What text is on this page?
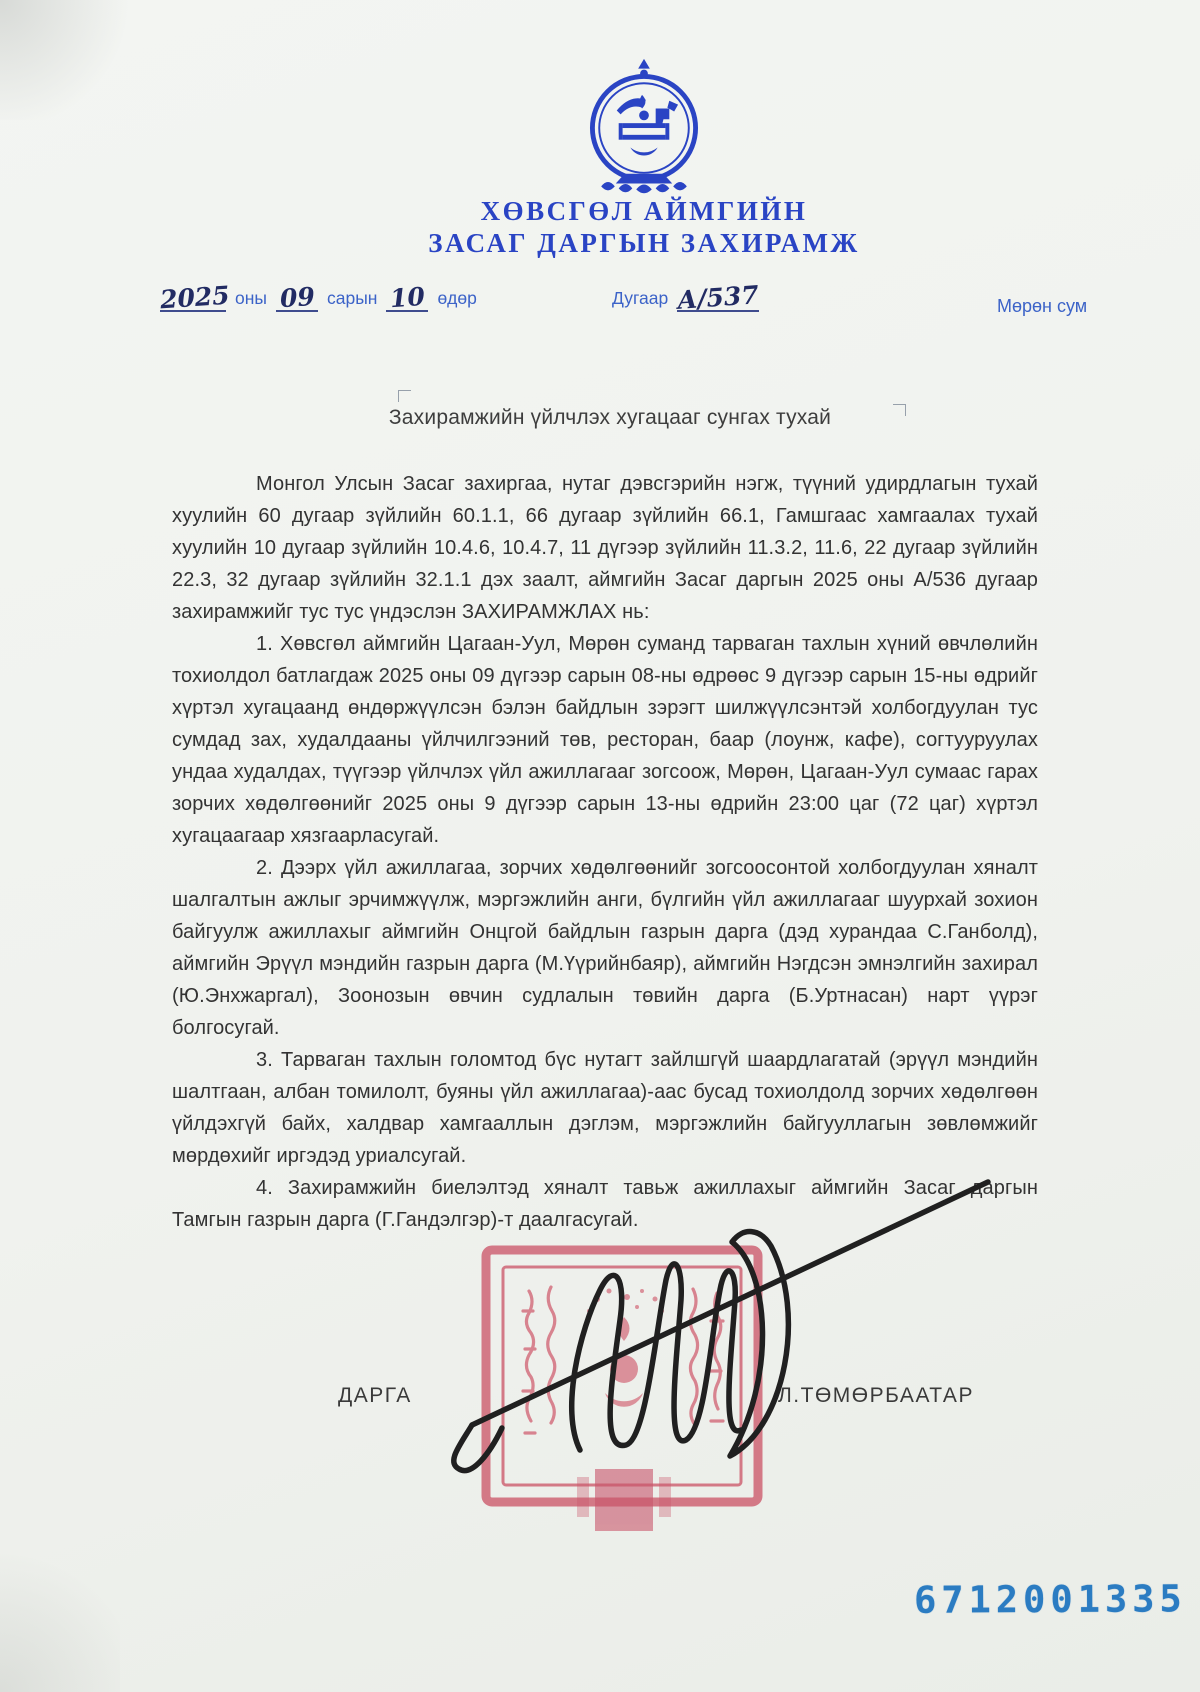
ХӨВСГӨЛ АЙМГИЙН
ЗАСАГ ДАРГЫН ЗАХИРАМЖ
2025 оны 09 сарын 10 өдөр	Дугаар А/537	Мөрөн сум
Захирамжийн үйлчлэх хугацааг сунгах тухай

Монгол Улсын Засаг захиргаа, нутаг дэвсгэрийн нэгж, түүний удирдлагын тухай хуулийн 60 дугаар зүйлийн 60.1.1, 66 дугаар зүйлийн 66.1, Гамшгаас хамгаалах тухай хуулийн 10 дугаар зүйлийн 10.4.6, 10.4.7, 11 дүгээр зүйлийн 11.3.2, 11.6, 22 дугаар зүйлийн 22.3, 32 дугаар зүйлийн 32.1.1 дэх заалт, аймгийн Засаг даргын 2025 оны А/536 дугаар захирамжийг тус тус үндэслэн ЗАХИРАМЖЛАХ нь:

1. Хөвсгөл аймгийн Цагаан-Уул, Мөрөн суманд тарваган тахлын хүний өвчлөлийн тохиолдол батлагдаж 2025 оны 09 дүгээр сарын 08-ны өдрөөс 9 дүгээр сарын 15-ны өдрийг хүртэл хугацаанд өндөржүүлсэн бэлэн байдлын зэрэгт шилжүүлсэнтэй холбогдуулан тус сумдад зах, худалдааны үйлчилгээний төв, ресторан, баар (лоунж, кафе), согтууруулах ундаа худалдах, түүгээр үйлчлэх үйл ажиллагааг зогсоож, Мөрөн, Цагаан-Уул сумаас гарах зорчих хөдөлгөөнийг 2025 оны 9 дүгээр сарын 13-ны өдрийн 23:00 цаг (72 цаг) хүртэл хугацаагаар хязгаарласугай.

2. Дээрх үйл ажиллагаа, зорчих хөдөлгөөнийг зогсоосонтой холбогдуулан хяналт шалгалтын ажлыг эрчимжүүлж, мэргэжлийн анги, бүлгийн үйл ажиллагааг шуурхай зохион байгуулж ажиллахыг аймгийн Онцгой байдлын газрын дарга (дэд хурандаа С.Ганболд), аймгийн Эрүүл мэндийн газрын дарга (М.Үүрийнбаяр), аймгийн Нэгдсэн эмнэлгийн захирал (Ю.Энхжаргал), Зоонозын өвчин судлалын төвийн дарга (Б.Уртнасан) нарт үүрэг болгосугай.

3. Тарваган тахлын голомтод бүс нутагт зайлшгүй шаардлагатай (эрүүл мэндийн шалтгаан, албан томилолт, буяны үйл ажиллагаа)-аас бусад тохиолдолд зорчих хөдөлгөөн үйлдэхгүй байх, халдвар хамгааллын дэглэм, мэргэжлийн байгууллагын зөвлөмжийг мөрдөхийг иргэдэд уриалсугай.

4. Захирамжийн биелэлтэд хяналт тавьж ажиллахыг аймгийн Засаг даргын Тамгын газрын дарга (Г.Гандэлгэр)-т даалгасугай.

ДАРГА	Л.ТӨМӨРБААТАР
6712001335
